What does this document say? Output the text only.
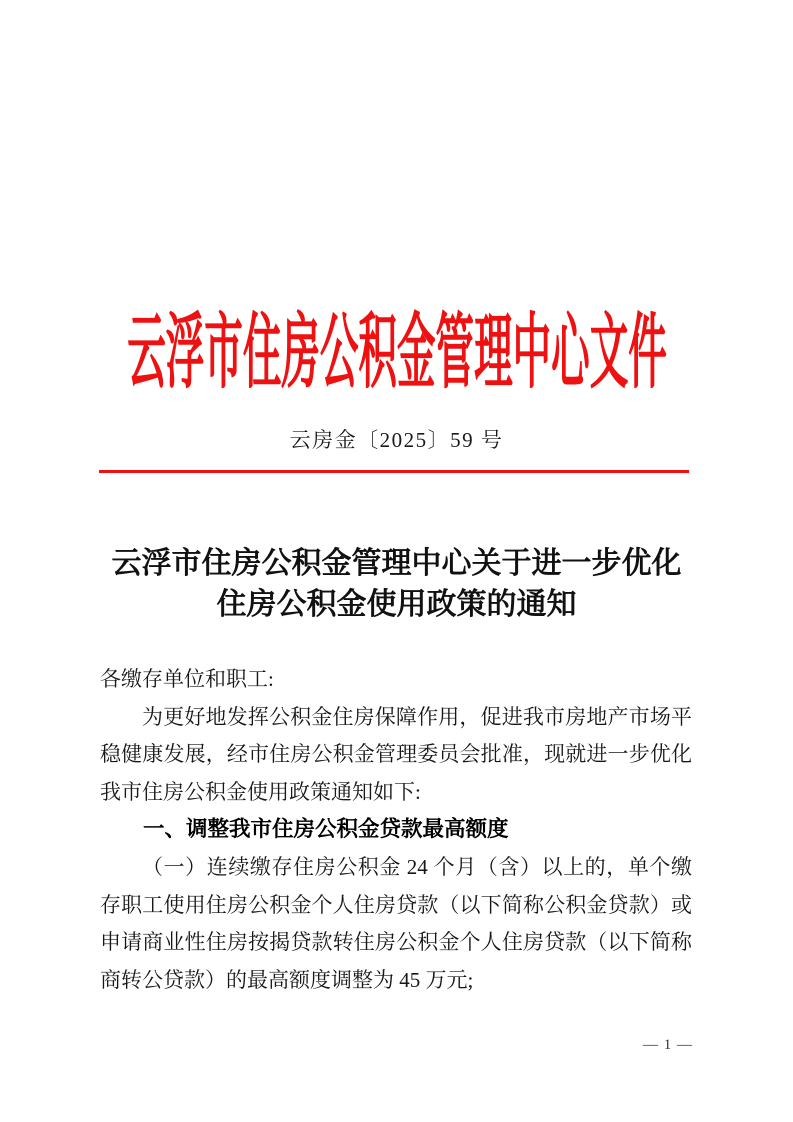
云浮市住房公积金管理中心文件
云房金〔2025〕59 号
云浮市住房公积金管理中心关于进一步优化
住房公积金使用政策的通知

各缴存单位和职工:

为更好地发挥公积金住房保障作用，促进我市房地产市场平稳健康发展，经市住房公积金管理委员会批准，现就进一步优化我市住房公积金使用政策通知如下:

一、调整我市住房公积金贷款最高额度

（一）连续缴存住房公积金 24 个月（含）以上的，单个缴存职工使用住房公积金个人住房贷款（以下简称公积金贷款）或申请商业性住房按揭贷款转住房公积金个人住房贷款（以下简称商转公贷款）的最高额度调整为 45 万元;

— 1 —
